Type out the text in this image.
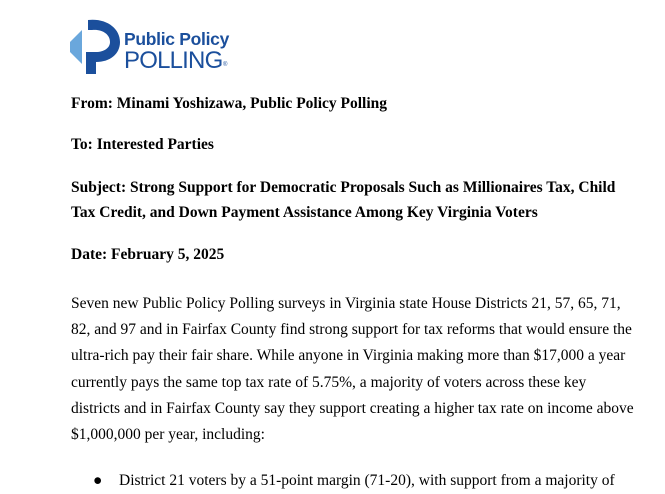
Public Policy
POLLING ®
From: Minami Yoshizawa, Public Policy Polling
To: Interested Parties
Subject: Strong Support for Democratic Proposals Such as Millionaires Tax, Child
Tax Credit, and Down Payment Assistance Among Key Virginia Voters
Date: February 5, 2025
Seven new Public Policy Polling surveys in Virginia state House Districts 21, 57, 65, 71,
82, and 97 and in Fairfax County find strong support for tax reforms that would ensure the
ultra-rich pay their fair share. While anyone in Virginia making more than $17,000 a year
currently pays the same top tax rate of 5.75%, a majority of voters across these key
districts and in Fairfax County say they support creating a higher tax rate on income above
$1,000,000 per year, including:
● District 21 voters by a 51-point margin (71-20), with support from a majority of
